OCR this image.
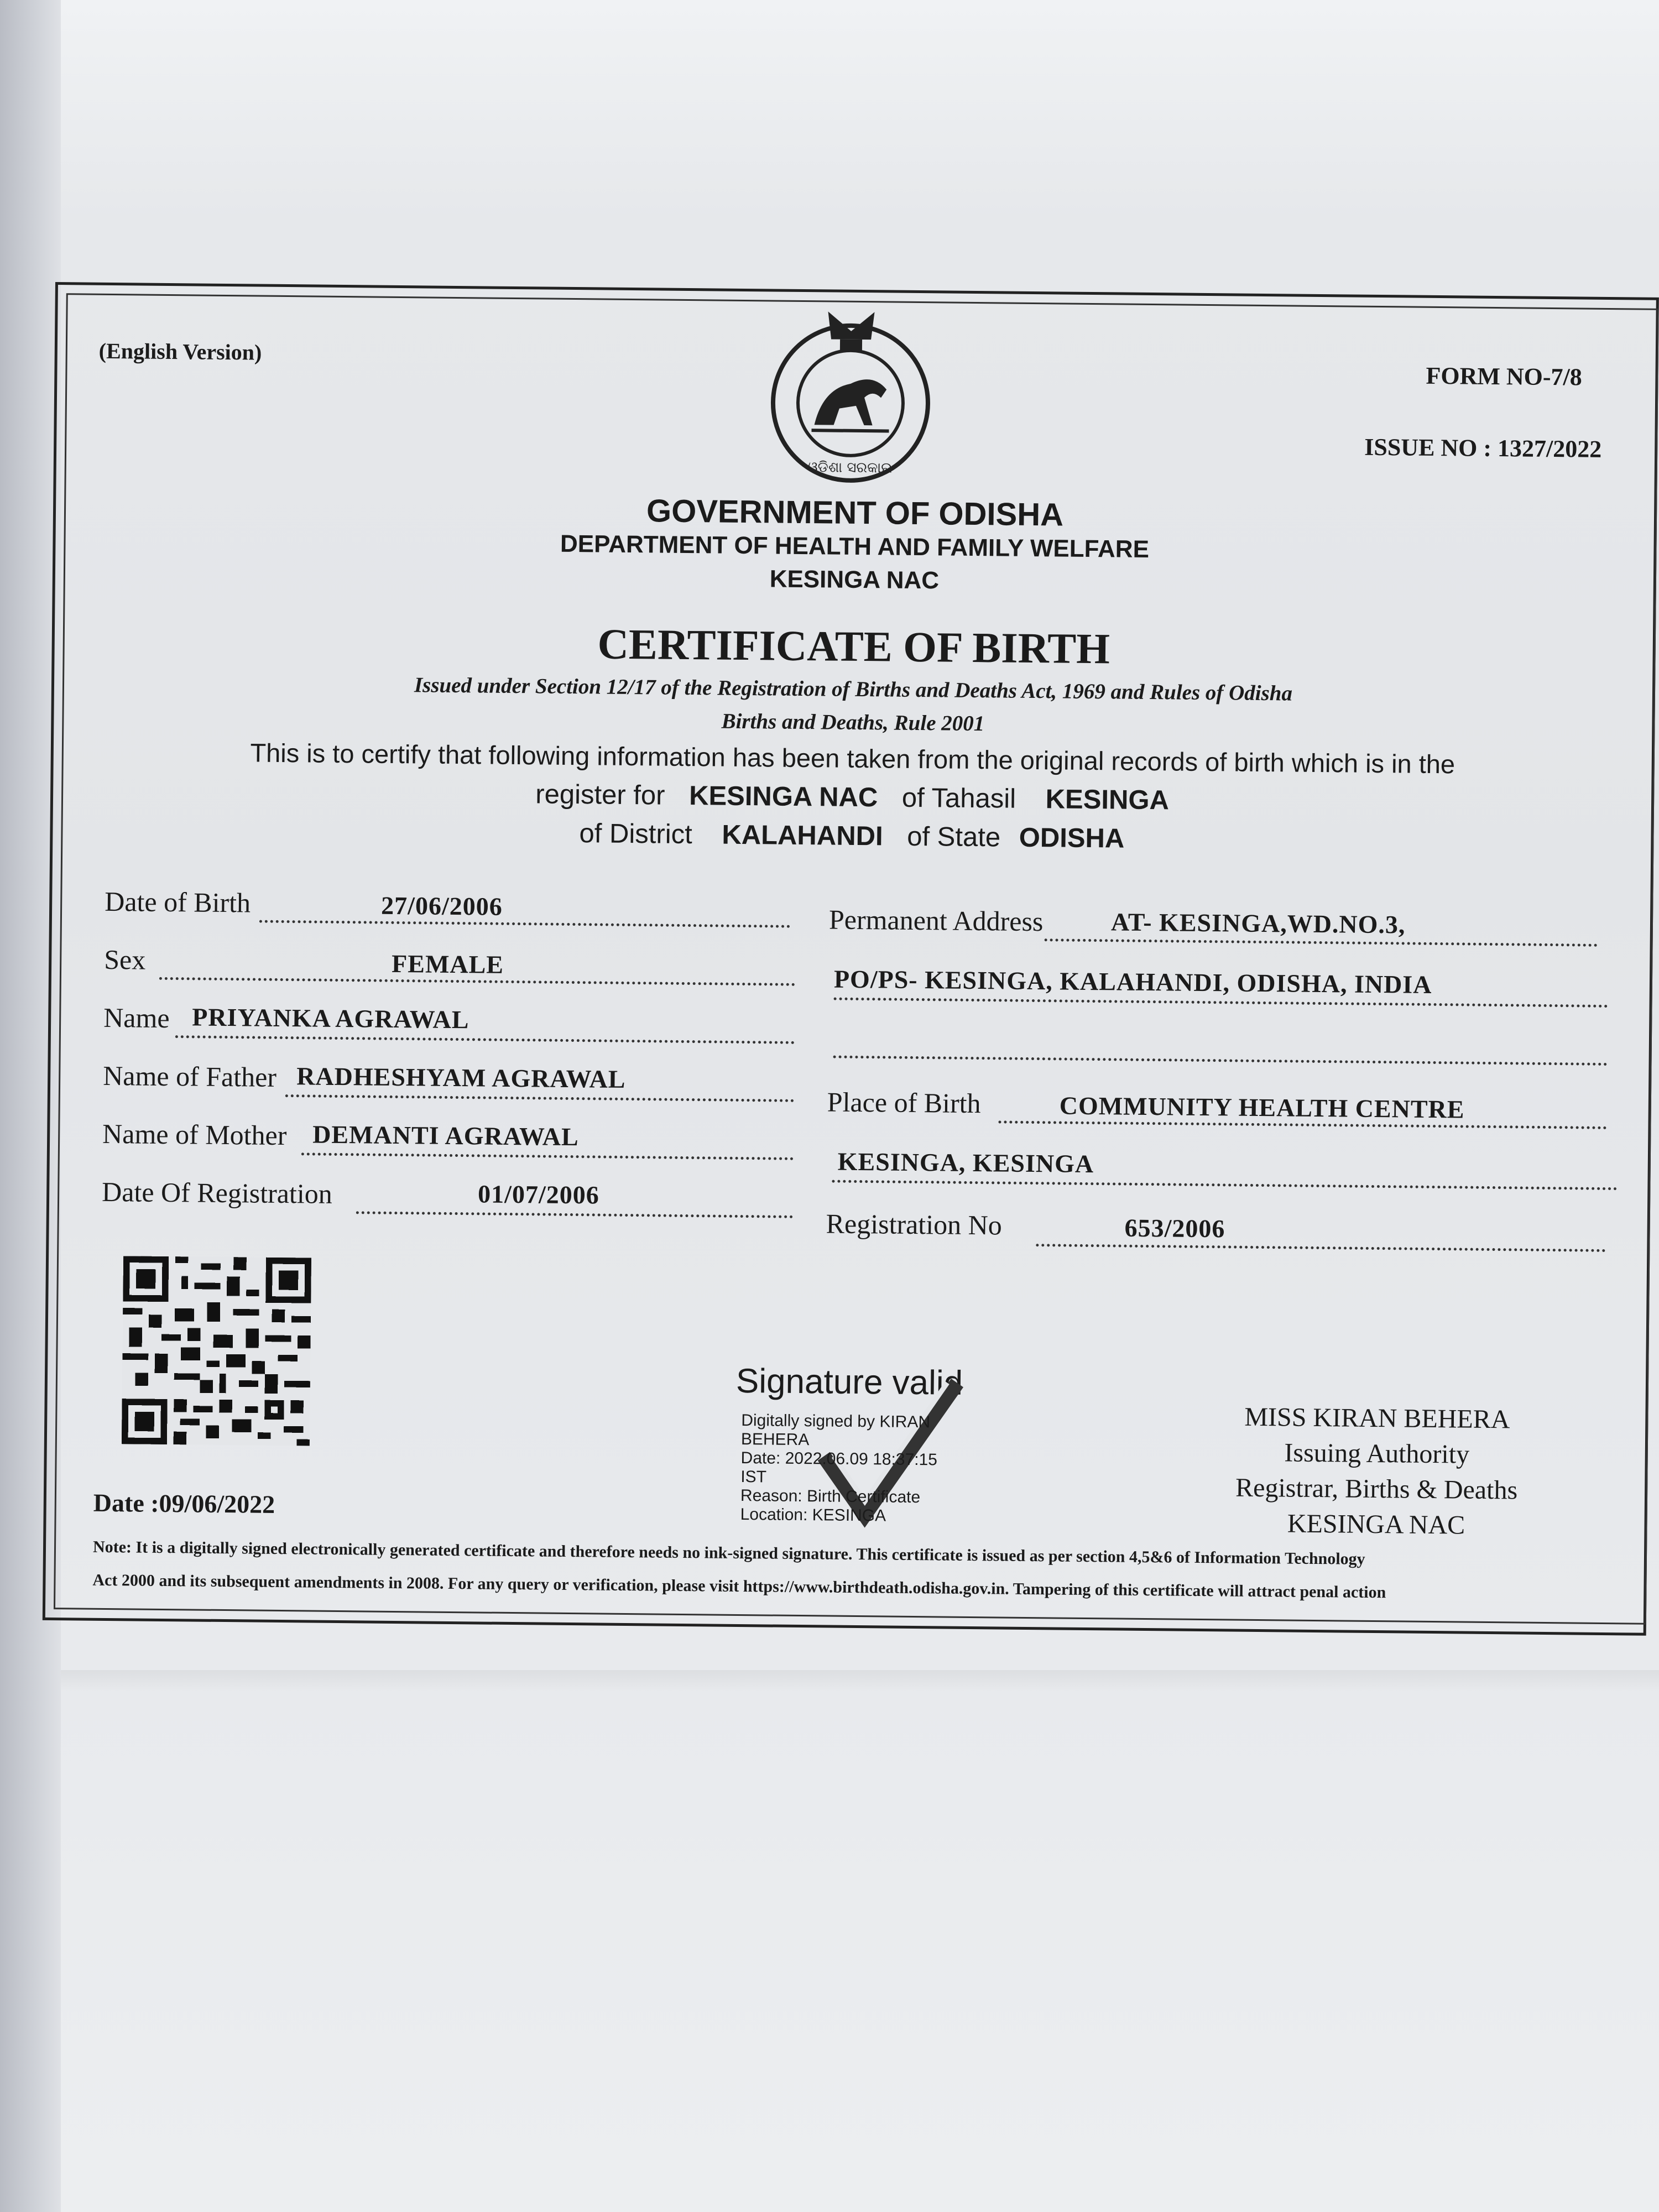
(English Version)
FORM NO-7/8
ISSUE NO : 1327/2022
ଓଡ଼ିଶା ସରକାର
GOVERNMENT OF ODISHA
DEPARTMENT OF HEALTH AND FAMILY WELFARE
KESINGA NAC
CERTIFICATE OF BIRTH
Issued under Section 12/17 of the Registration of Births and Deaths Act, 1969 and Rules of Odisha
Births and Deaths, Rule 2001
This is to certify that following information has been taken from the original records of birth which is in the
register for KESINGA NAC of Tahasil KESINGA
of District KALAHANDI of State ODISHA
Date of Birth	27/06/2006
Sex	FEMALE
Name PRIYANKA AGRAWAL
Name of Father RADHESHYAM AGRAWAL
Name of Mother DEMANTI AGRAWAL
Date Of Registration	01/07/2006
Permanent Address	AT- KESINGA,WD.NO.3,
PO/PS- KESINGA, KALAHANDI, ODISHA, INDIA
Place of Birth	COMMUNITY HEALTH CENTRE
KESINGA, KESINGA
Registration No	653/2006
Signature valid
Digitally signed by KIRAN
BEHERA
Date: 2022.06.09 18:37:15
IST
Reason: Birth Certificate
Location: KESINGA
MISS KIRAN BEHERA
Issuing Authority
Registrar, Births & Deaths
KESINGA NAC
Date :09/06/2022
Note: It is a digitally signed electronically generated certificate and therefore needs no ink-signed signature. This certificate is issued as per section 4,5&6 of Information Technology
Act 2000 and its subsequent amendments in 2008. For any query or verification, please visit https://www.birthdeath.odisha.gov.in. Tampering of this certificate will attract penal action
